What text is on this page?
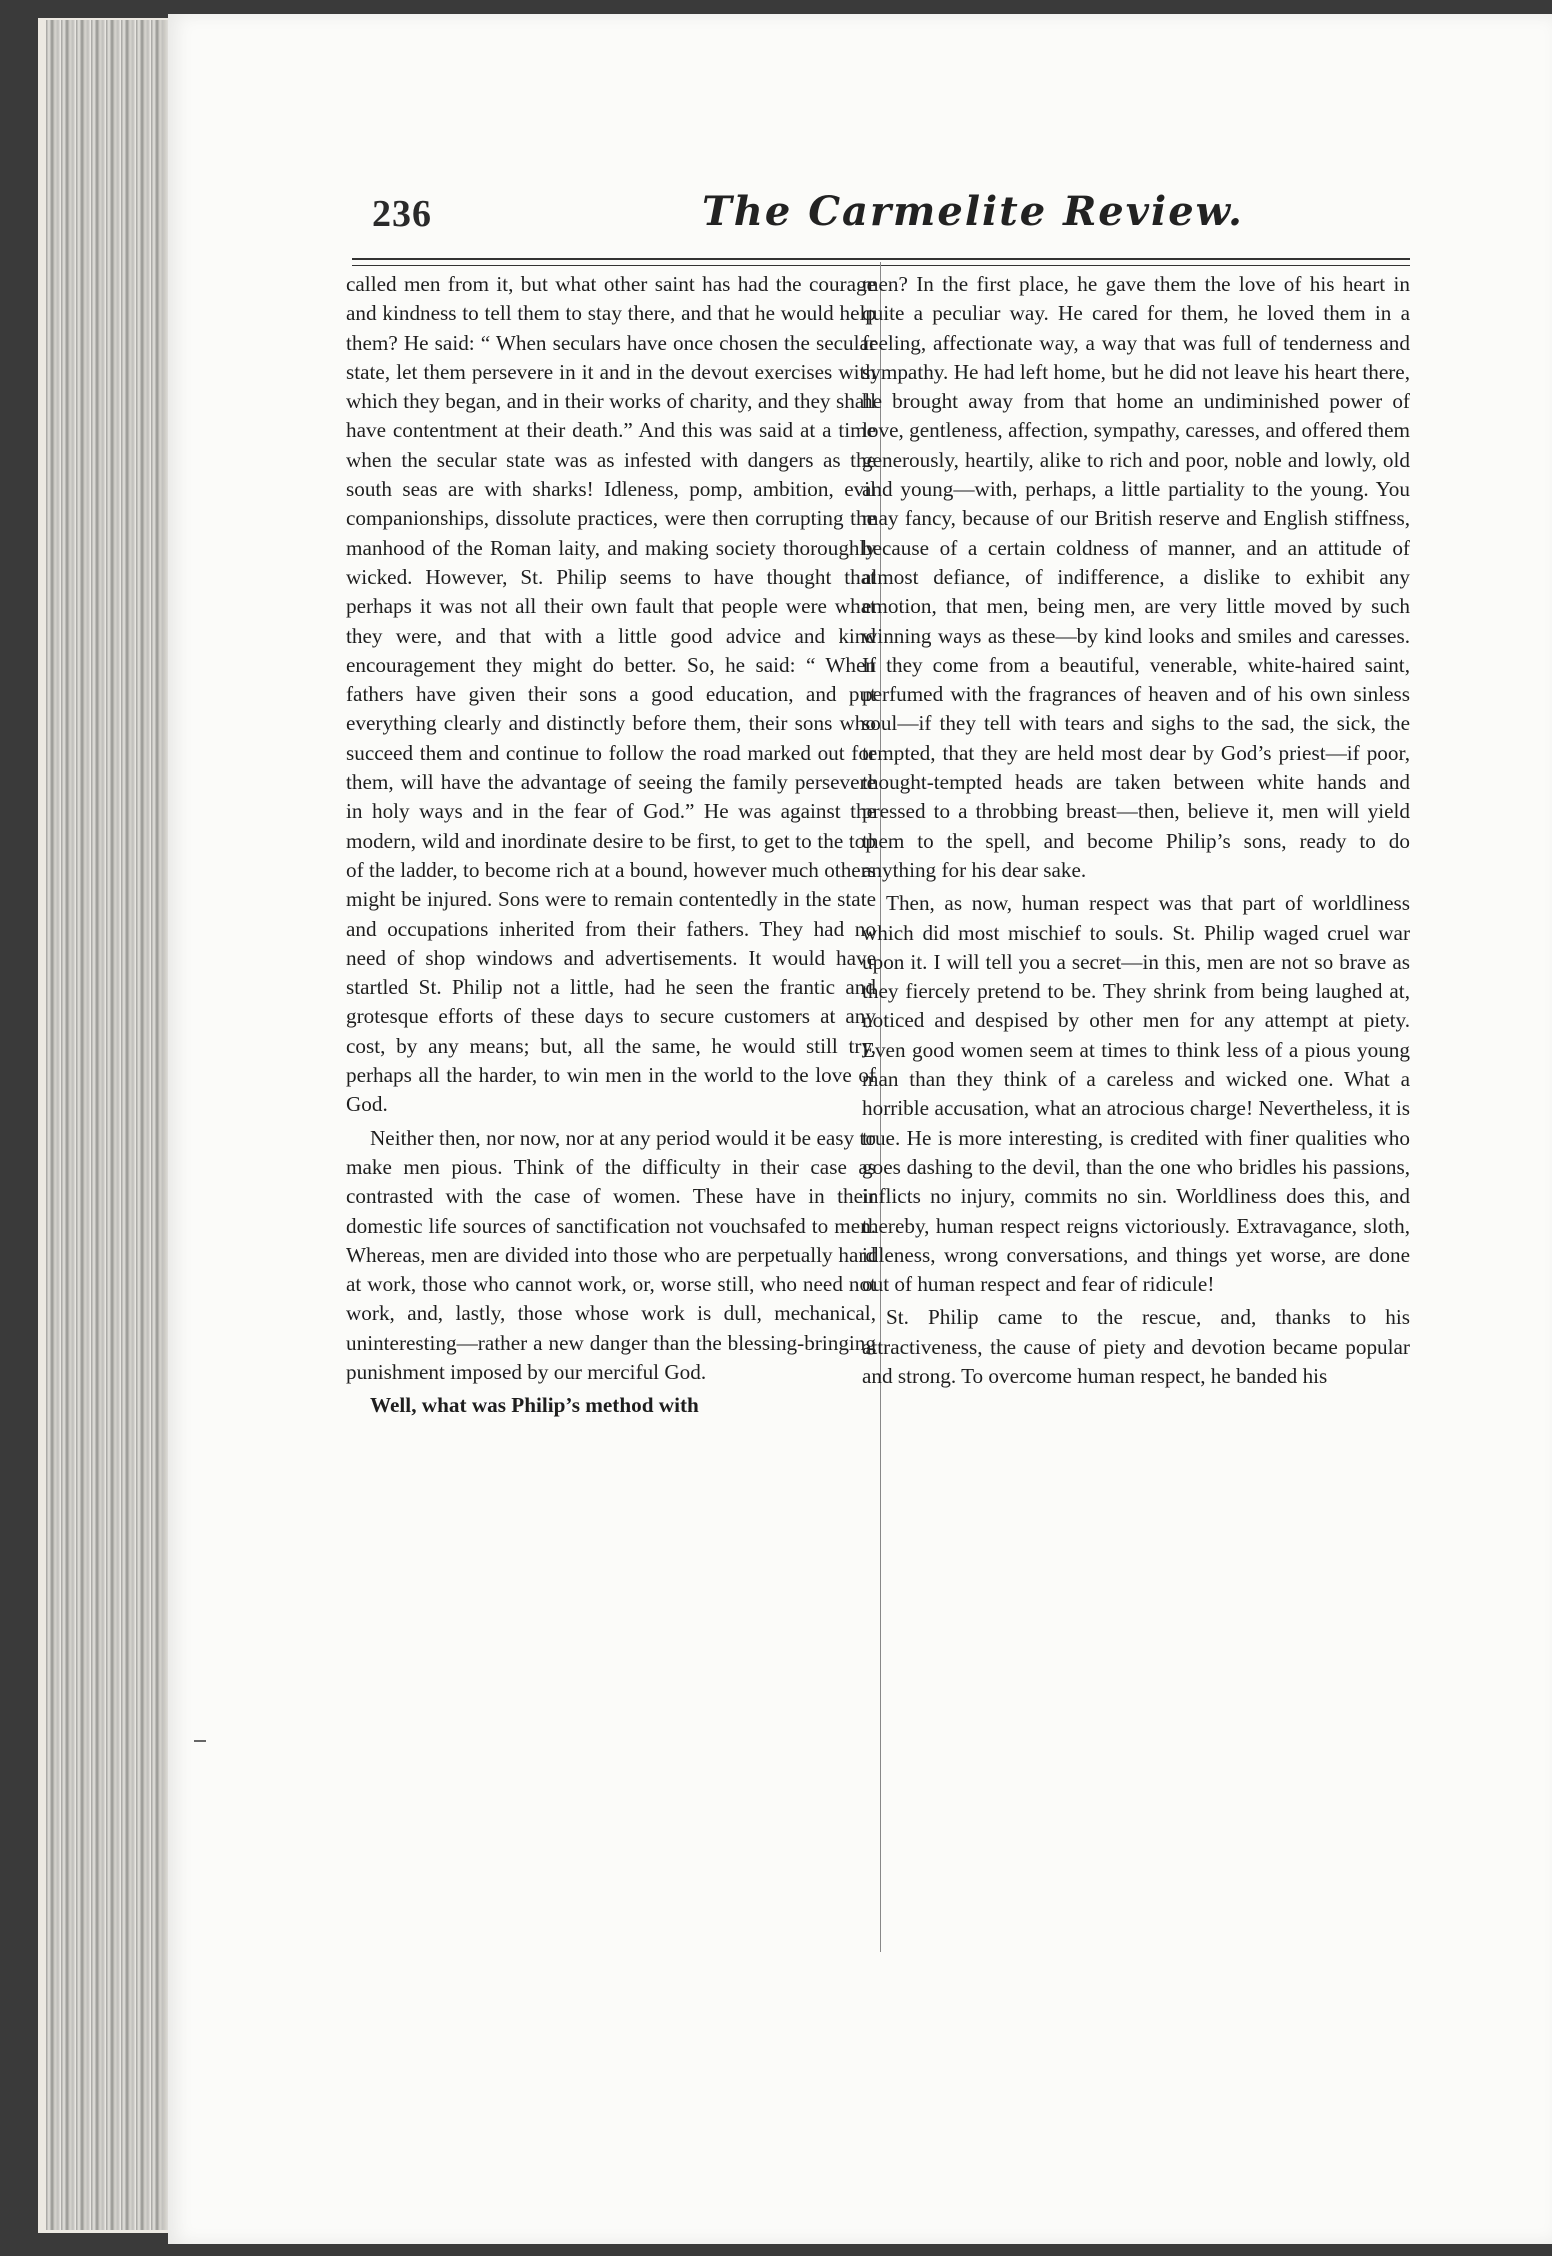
236	The Carmelite Review.

called men from it, but what other saint has had the courage and kindness to tell them to stay there, and that he would help them? He said: “ When seculars have once chosen the secular state, let them persevere in it and in the devout exercises with which they began, and in their works of charity, and they shall have contentment at their death.” And this was said at a time when the secular state was as infested with dangers as the south seas are with sharks! Idleness, pomp, ambition, evil companionships, dissolute practices, were then corrupting the manhood of the Roman laity, and making society thoroughly wicked. However, St. Philip seems to have thought that perhaps it was not all their own fault that people were what they were, and that with a little good advice and kind encouragement they might do better. So, he said: “ When fathers have given their sons a good education, and put everything clearly and distinctly before them, their sons who succeed them and continue to follow the road marked out for them, will have the advantage of seeing the family persevere in holy ways and in the fear of God.” He was against the modern, wild and inordinate desire to be first, to get to the top of the ladder, to become rich at a bound, however much others might be injured. Sons were to remain contentedly in the state and occupations inherited from their fathers. They had no need of shop windows and advertisements. It would have startled St. Philip not a little, had he seen the frantic and grotesque efforts of these days to secure customers at any cost, by any means; but, all the same, he would still try, perhaps all the harder, to win men in the world to the love of God.

Neither then, nor now, nor at any period would it be easy to make men pious. Think of the difficulty in their case as contrasted with the case of women. These have in their domestic life sources of sanctification not vouchsafed to men. Whereas, men are divided into those who are perpetually hard at work, those who cannot work, or, worse still, who need not work, and, lastly, those whose work is dull, mechanical, uninteresting—rather a new danger than the blessing-bringing punishment imposed by our merciful God.

Well, what was Philip’s method with

men? In the first place, he gave them the love of his heart in quite a peculiar way. He cared for them, he loved them in a feeling, affectionate way, a way that was full of tenderness and sympathy. He had left home, but he did not leave his heart there, he brought away from that home an undiminished power of love, gentleness, affection, sympathy, caresses, and offered them generously, heartily, alike to rich and poor, noble and lowly, old and young—with, perhaps, a little partiality to the young. You may fancy, because of our British reserve and English stiffness, because of a certain coldness of manner, and an attitude of almost defiance, of indifference, a dislike to exhibit any emotion, that men, being men, are very little moved by such winning ways as these—by kind looks and smiles and caresses. If they come from a beautiful, venerable, white-haired saint, perfumed with the fragrances of heaven and of his own sinless soul—if they tell with tears and sighs to the sad, the sick, the tempted, that they are held most dear by God’s priest—if poor, thought-tempted heads are taken between white hands and pressed to a throbbing breast—then, believe it, men will yield them to the spell, and become Philip’s sons, ready to do anything for his dear sake.

Then, as now, human respect was that part of worldliness which did most mischief to souls. St. Philip waged cruel war upon it. I will tell you a secret—in this, men are not so brave as they fiercely pretend to be. They shrink from being laughed at, noticed and despised by other men for any attempt at piety. Even good women seem at times to think less of a pious young man than they think of a careless and wicked one. What a horrible accusation, what an atrocious charge! Nevertheless, it is true. He is more interesting, is credited with finer qualities who goes dashing to the devil, than the one who bridles his passions, inflicts no injury, commits no sin. Worldliness does this, and thereby, human respect reigns victoriously. Extravagance, sloth, idleness, wrong conversations, and things yet worse, are done out of human respect and fear of ridicule!

St. Philip came to the rescue, and, thanks to his attractiveness, the cause of piety and devotion became popular and strong. To overcome human respect, he banded his
